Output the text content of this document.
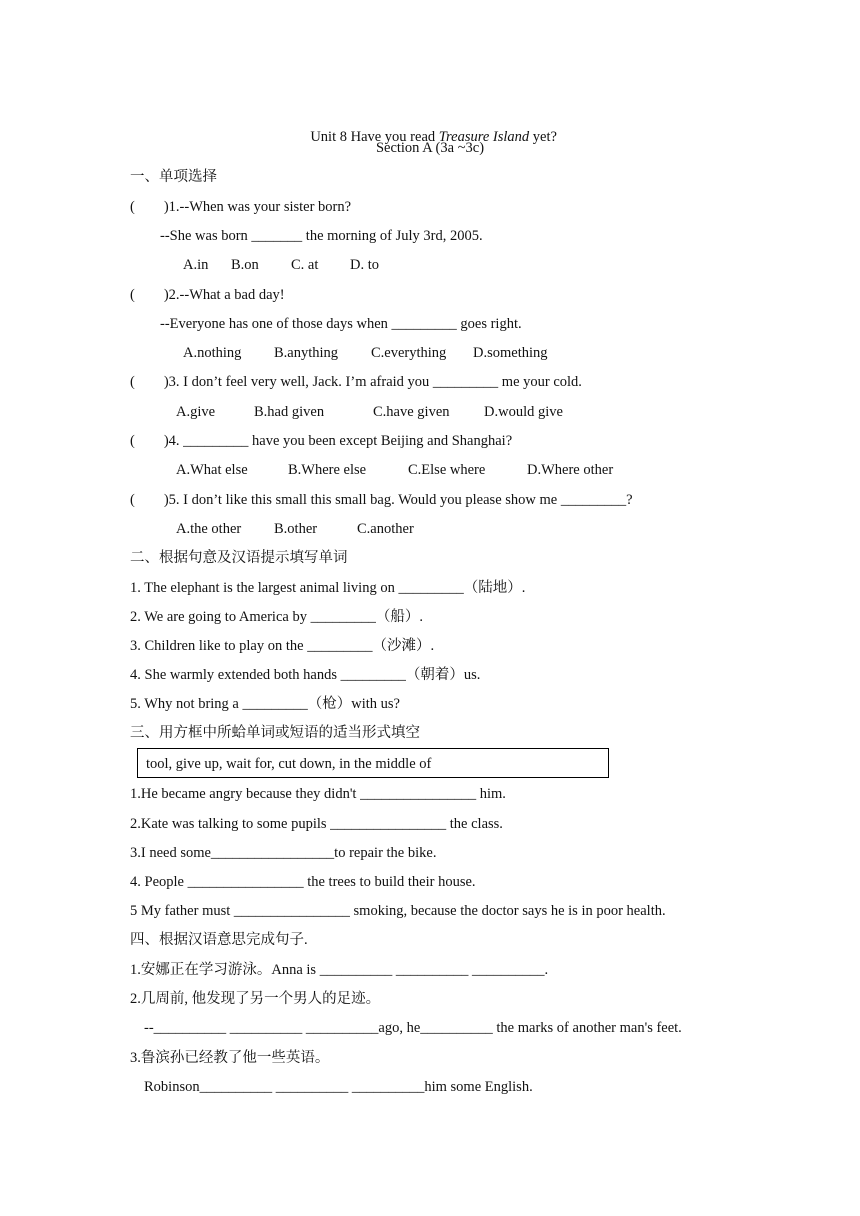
Unit 8 Have you read Treasure Island yet?

Section A (3a ~3c)
一、单项选择
(        )1.--When was your sister born?
--She was born _______ the morning of July 3rd, 2005.
A.in B.on C. at D. to
(        )2.--What a bad day!
--Everyone has one of those days when _________ goes right.
A.nothing B.anything C.everything D.something
(        )3. I don’t feel very well, Jack. I’m afraid you _________ me your cold.
A.give	B.had given	C.have given D.would give
(        )4. _________ have you been except Beijing and Shanghai?
A.What else	B.Where else	C.Else where	D.Where other
(        )5. I don’t like this small this small bag. Would you please show me _________?
A.the other B.other	C.another
二、根据句意及汉语提示填写单词
1. The elephant is the largest animal living on _________（陆地）.
2. We are going to America by _________（船）.
3. Children like to play on the _________（沙滩）.
4. She warmly extended both hands _________（朝着）us.
5. Why not bring a _________（枪）with us?
三、用方框中所蛤单词或短语的适当形式填空
tool, give up, wait for, cut down, in the middle of
1.He became angry because they didn't ________________ him.
2.Kate was talking to some pupils ________________ the class.
3.I need some_________________to repair the bike.
4. People ________________ the trees to build their house.
5 My father must ________________ smoking, because the doctor says he is in poor health.
四、根据汉语意思完成句子.
1.安娜正在学习游泳。Anna is __________ __________ __________.
2.几周前, 他发现了另一个男人的足迹。
--__________ __________ __________ago, he__________ the marks of another man's feet.
3.鲁滨孙已经教了他一些英语。
Robinson__________ __________ __________him some English.
